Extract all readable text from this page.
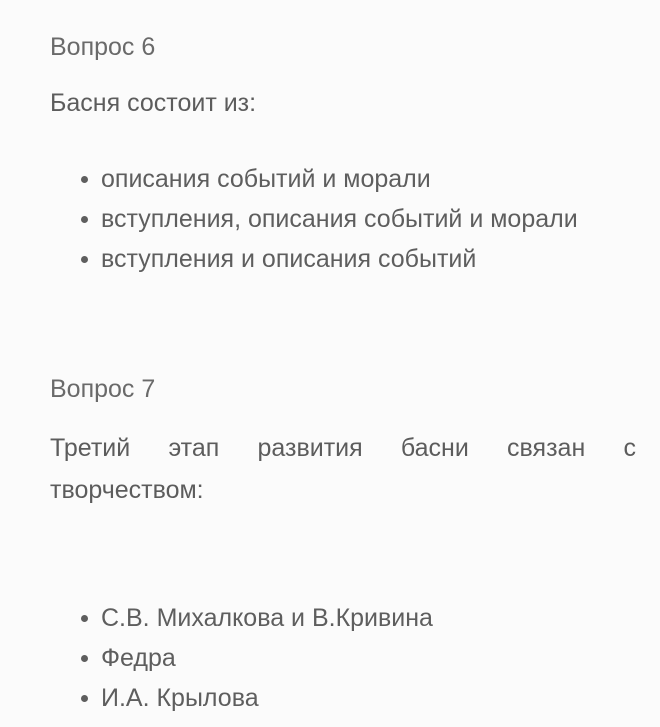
Вопрос 6
Басня состоит из:
описания событий и морали
вступления, описания событий и морали
вступления и описания событий
Вопрос 7
Третий этап развития басни связан с творчеством:
С.В. Михалкова и В.Кривина
Федра
И.А. Крылова
